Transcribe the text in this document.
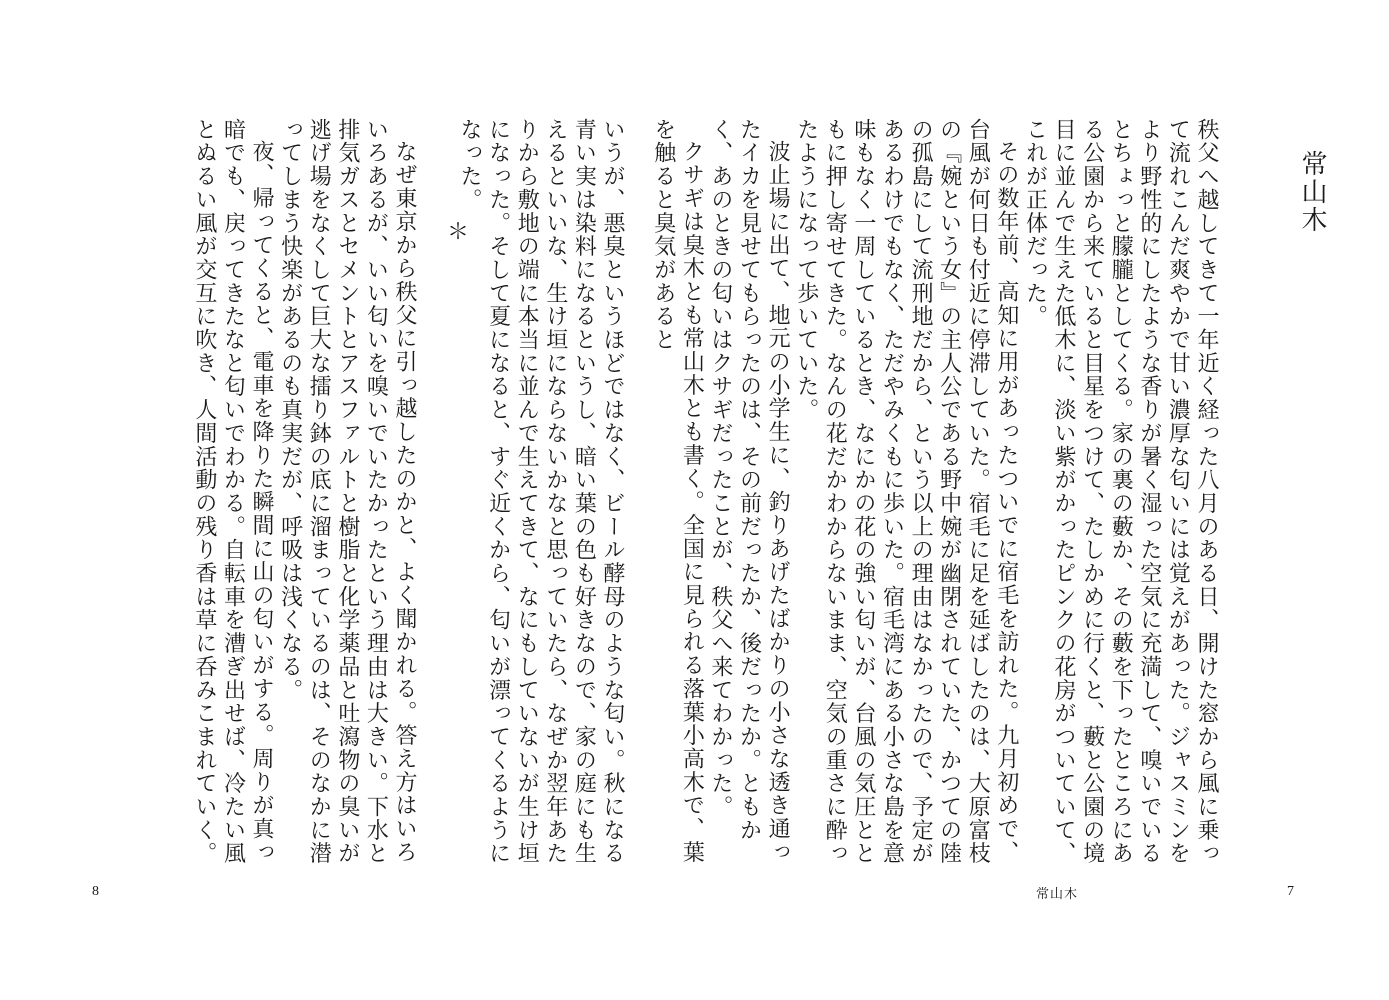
常山木

秩父へ越してきて一年近く経った八月のある日、開けた窓から風に乗って流れこんだ爽やかで甘い濃厚な匂いには覚えがあった。ジャスミンをより野性的にしたような香りが暑く湿った空気に充満して、嗅いでいるとちょっと朦朧としてくる。家の裏の藪か、その藪を下ったところにある公園から来ていると目星をつけて、たしかめに行くと、藪と公園の境目に並んで生えた低木に、淡い紫がかったピンクの花房がついていて、これが正体だった。

その数年前、高知に用があったついでに宿毛を訪れた。九月初めで、台風が何日も付近に停滞していた。宿毛に足を延ばしたのは、大原富枝の『婉という女』の主人公である野中婉が幽閉されていた、かつての陸の孤島にして流刑地だから、という以上の理由はなかったので、予定があるわけでもなく、ただやみくもに歩いた。宿毛湾にある小さな島を意味もなく一周しているとき、なにかの花の強い匂いが、台風の気圧とともに押し寄せてきた。なんの花だかわからないまま、空気の重さに酔ったようになって歩いていた。

波止場に出て、地元の小学生に、釣りあげたばかりの小さな透き通ったイカを見せてもらったのは、その前だったか、後だったか。ともかく、あのときの匂いはクサギだったことが、秩父へ来てわかった。

クサギは臭木とも常山木とも書く。全国に見られる落葉小高木で、葉を触ると臭気があると

7

いうが、悪臭というほどではなく、ビール酵母のような匂い。秋になる青い実は染料になるというし、暗い葉の色も好きなので、家の庭にも生えるといいな、生け垣にならないかなと思っていたら、なぜか翌年あたりから敷地の端に本当に並んで生えてきて、なにもしていないが生け垣になった。そして夏になると、すぐ近くから、匂いが漂ってくるようになった。

＊

なぜ東京から秩父に引っ越したのかと、よく聞かれる。答え方はいろいろあるが、いい匂いを嗅いでいたかったという理由は大きい。下水と排気ガスとセメントとアスファルトと樹脂と化学薬品と吐瀉物の臭いが逃げ場をなくして巨大な擂り鉢の底に溜まっているのは、そのなかに潜ってしまう快楽があるのも真実だが、呼吸は浅くなる。

夜、帰ってくると、電車を降りた瞬間に山の匂いがする。周りが真っ暗でも、戻ってきたなと匂いでわかる。自転車を漕ぎ出せば、冷たい風とぬるい風が交互に吹き、人間活動の残り香は草に呑みこまれていく。

8	常山木
